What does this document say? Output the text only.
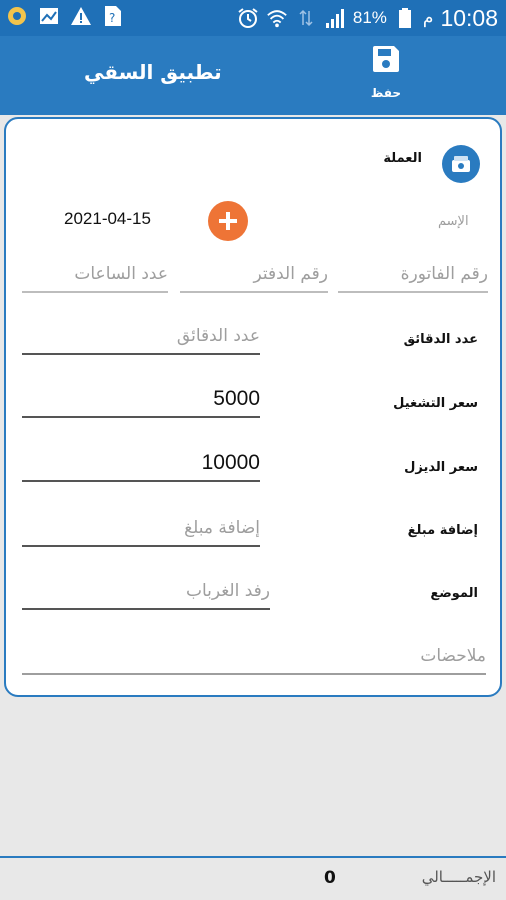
?	81% م 10:08
تطبيق السقي
حفظ
العملة
الإسم
2021-04-15
عدد الساعات
رقم الدفتر
رقم الفاتورة
عدد الدقائق
عدد الدقائق
سعر التشغيل
5000
سعر الديزل
10000
إضافة مبلغ
إضافة مبلغ
الموضع
رفد الغرباب
ملاحضات
الإجمـــــالي
0
